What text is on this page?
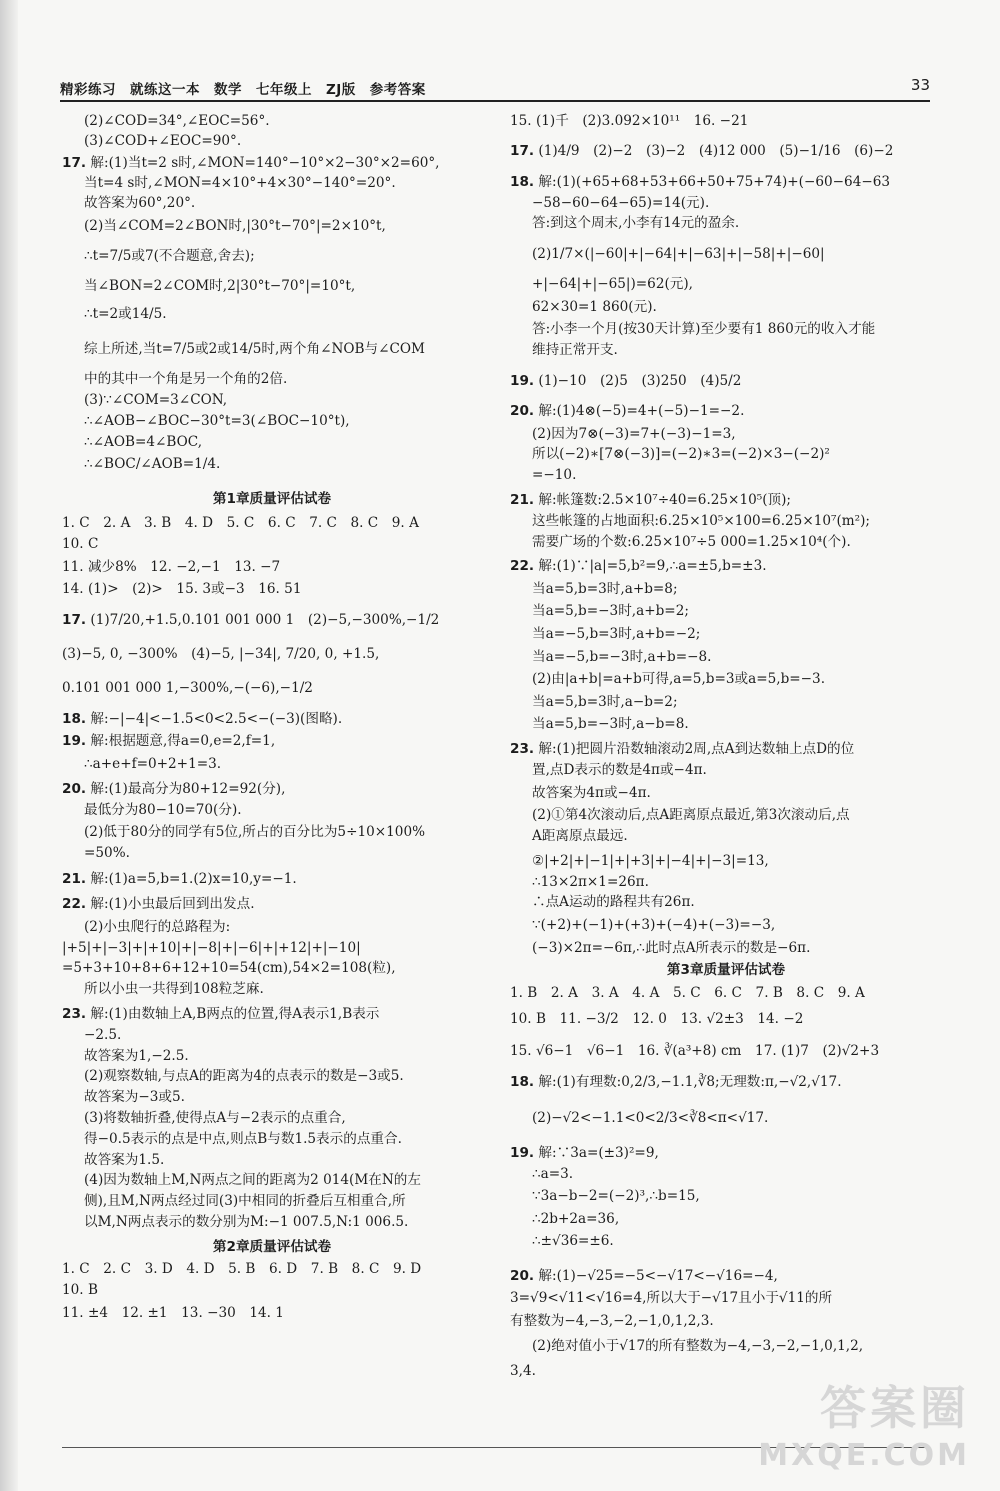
精彩练习　就练这一本　数学　七年级上　ZJ版　参考答案	33
(2)∠COD=34°,∠EOC=56°.
(3)∠COD+∠EOC=90°.
17. 解:(1)当t=2 s时,∠MON=140°−10°×2−30°×2=60°,
当t=4 s时,∠MON=4×10°+4×30°−140°=20°.
故答案为60°,20°.
(2)当∠COM=2∠BON时,|30°t−70°|=2×10°t,
∴t=7/5或7(不合题意,舍去);
当∠BON=2∠COM时,2|30°t−70°|=10°t,
∴t=2或14/5.
综上所述,当t=7/5或2或14/5时,两个角∠NOB与∠COM
中的其中一个角是另一个角的2倍.
(3)∵∠COM=3∠CON,
∴∠AOB−∠BOC−30°t=3(∠BOC−10°t),
∴∠AOB=4∠BOC,
∴∠BOC/∠AOB=1/4.
第1章质量评估试卷
1. C　2. A　3. B　4. D　5. C　6. C　7. C　8. C　9. A
10. C
11. 减少8%　12. −2,−1　13. −7
14. (1)>　(2)>　15. 3或−3　16. 51
17. (1)7/20,+1.5,0.101 001 000 1　(2)−5,−300%,−1/2
(3)−5, 0, −300%　(4)−5, |−34|, 7/20, 0, +1.5,
0.101 001 000 1,−300%,−(−6),−1/2
18. 解:−|−4|<−1.5<0<2.5<−(−3)(图略).
19. 解:根据题意,得a=0,e=2,f=1,
∴a+e+f=0+2+1=3.
20. 解:(1)最高分为80+12=92(分),
最低分为80−10=70(分).
(2)低于80分的同学有5位,所占的百分比为5÷10×100%
=50%.
21. 解:(1)a=5,b=1.(2)x=10,y=−1.
22. 解:(1)小虫最后回到出发点.
(2)小虫爬行的总路程为:
|+5|+|−3|+|+10|+|−8|+|−6|+|+12|+|−10|
=5+3+10+8+6+12+10=54(cm),54×2=108(粒),
所以小虫一共得到108粒芝麻.
23. 解:(1)由数轴上A,B两点的位置,得A表示1,B表示
−2.5.
故答案为1,−2.5.
(2)观察数轴,与点A的距离为4的点表示的数是−3或5.
故答案为−3或5.
(3)将数轴折叠,使得点A与−2表示的点重合,
得−0.5表示的点是中点,则点B与数1.5表示的点重合.
故答案为1.5.
(4)因为数轴上M,N两点之间的距离为2 014(M在N的左
侧),且M,N两点经过同(3)中相同的折叠后互相重合,所
以M,N两点表示的数分别为M:−1 007.5,N:1 006.5.
第2章质量评估试卷
1. C　2. C　3. D　4. D　5. B　6. D　7. B　8. C　9. D
10. B
11. ±4　12. ±1　13. −30　14. 1
15. (1)千　(2)3.092×10¹¹　16. −21
17. (1)4/9　(2)−2　(3)−2　(4)12 000　(5)−1/16　(6)−2
18. 解:(1)(+65+68+53+66+50+75+74)+(−60−64−63
−58−60−64−65)=14(元).
答:到这个周末,小李有14元的盈余.
(2)1/7×(|−60|+|−64|+|−63|+|−58|+|−60|
+|−64|+|−65|)=62(元),
62×30=1 860(元).
答:小李一个月(按30天计算)至少要有1 860元的收入才能
维持正常开支.
19. (1)−10　(2)5　(3)250　(4)5/2
20. 解:(1)4⊗(−5)=4+(−5)−1=−2.
(2)因为7⊗(−3)=7+(−3)−1=3,
所以(−2)∗[7⊗(−3)]=(−2)∗3=(−2)×3−(−2)²
=−10.
21. 解:帐篷数:2.5×10⁷÷40=6.25×10⁵(顶);
这些帐篷的占地面积:6.25×10⁵×100=6.25×10⁷(m²);
需要广场的个数:6.25×10⁷÷5 000=1.25×10⁴(个).
22. 解:(1)∵|a|=5,b²=9,∴a=±5,b=±3.
当a=5,b=3时,a+b=8;
当a=5,b=−3时,a+b=2;
当a=−5,b=3时,a+b=−2;
当a=−5,b=−3时,a+b=−8.
(2)由|a+b|=a+b可得,a=5,b=3或a=5,b=−3.
当a=5,b=3时,a−b=2;
当a=5,b=−3时,a−b=8.
23. 解:(1)把圆片沿数轴滚动2周,点A到达数轴上点D的位
置,点D表示的数是4π或−4π.
故答案为4π或−4π.
(2)①第4次滚动后,点A距离原点最近,第3次滚动后,点
A距离原点最远.
②|+2|+|−1|+|+3|+|−4|+|−3|=13,
∴13×2π×1=26π.
∴点A运动的路程共有26π.
∵(+2)+(−1)+(+3)+(−4)+(−3)=−3,
(−3)×2π=−6π,∴此时点A所表示的数是−6π.
第3章质量评估试卷
1. B　2. A　3. A　4. A　5. C　6. C　7. B　8. C　9. A
10. B　11. −3/2　12. 0　13. √2±3　14. −2
15. √6−1　√6−1　16. ∛(a³+8) cm　17. (1)7　(2)√2+3
18. 解:(1)有理数:0,2/3,−1.1,∛8;无理数:π,−√2,√17.
(2)−√2<−1.1<0<2/3<∛8<π<√17.
19. 解:∵3a=(±3)²=9,
∴a=3.
∵3a−b−2=(−2)³,∴b=15,
∴2b+2a=36,
∴±√36=±6.
20. 解:(1)−√25=−5<−√17<−√16=−4,
3=√9<√11<√16=4,所以大于−√17且小于√11的所
有整数为−4,−3,−2,−1,0,1,2,3.
(2)绝对值小于√17的所有整数为−4,−3,−2,−1,0,1,2,
3,4.
答案圈
MXQE.COM
